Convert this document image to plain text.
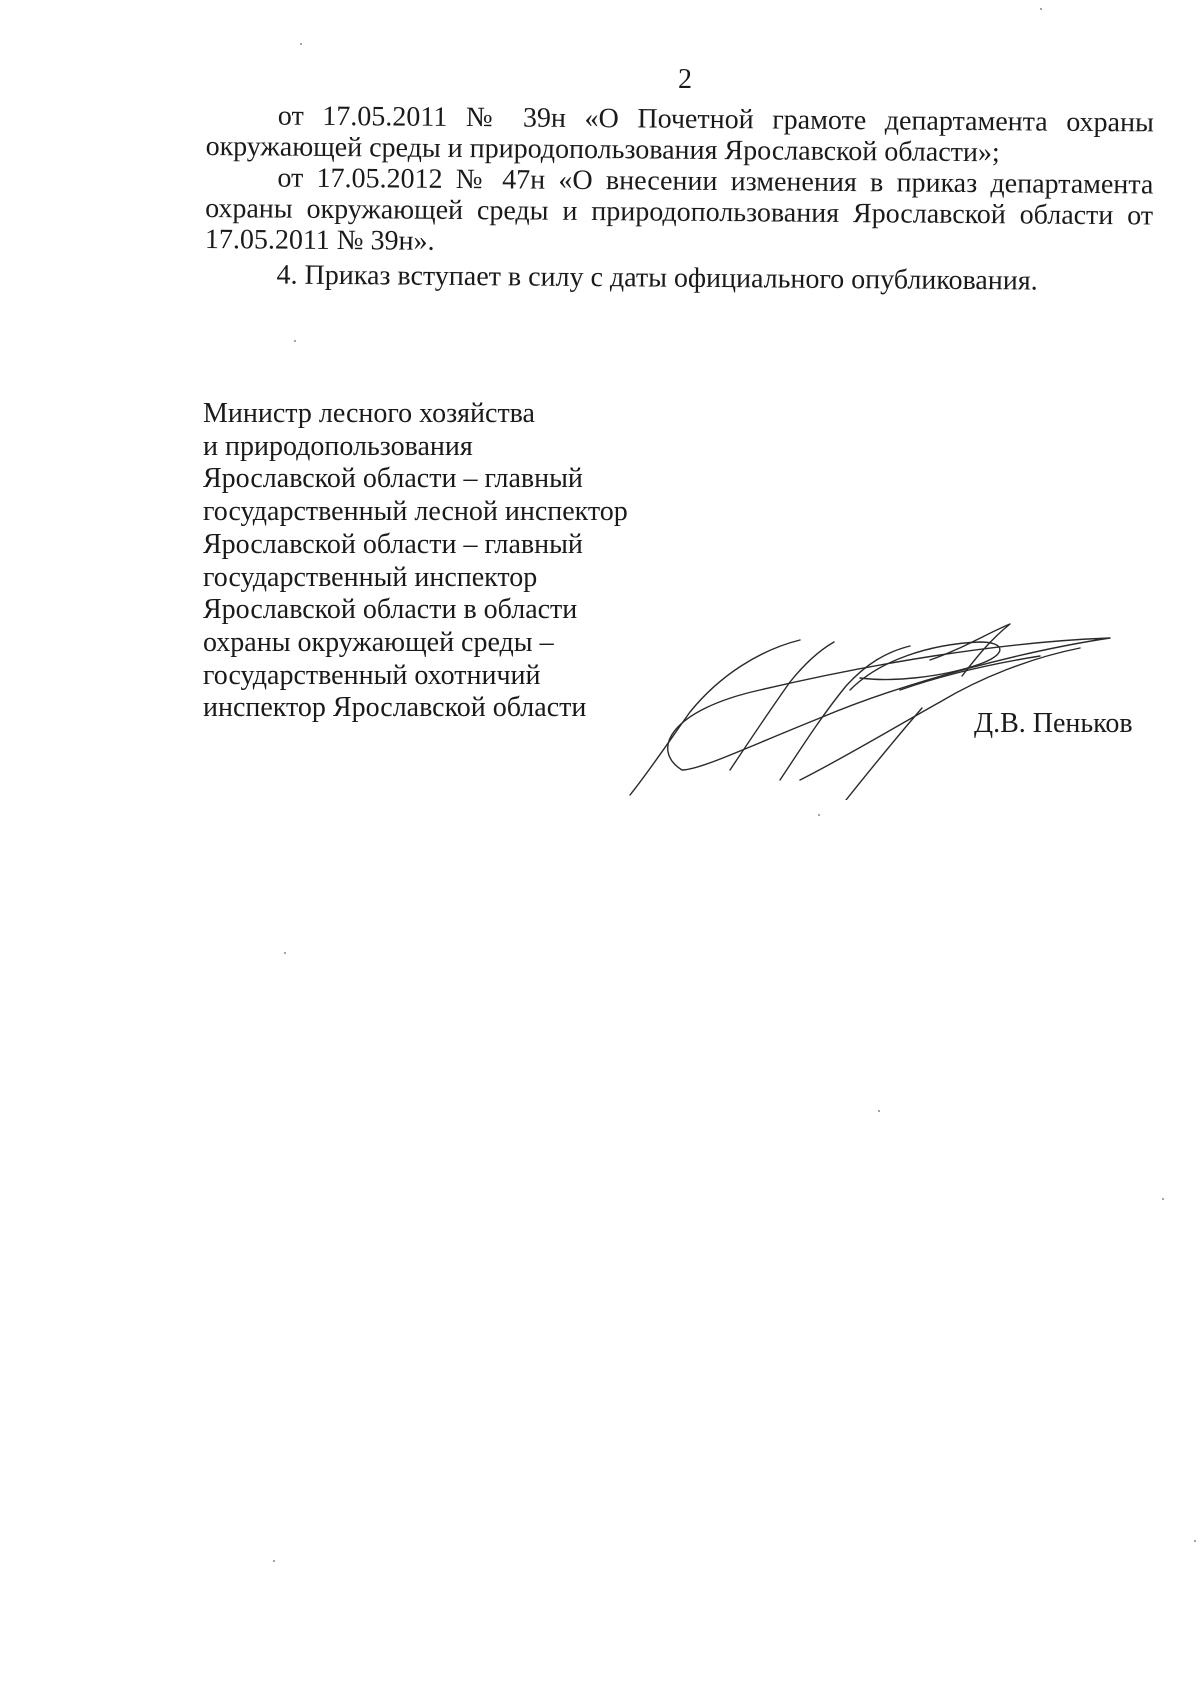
2

от 17.05.2011 № 39н «О Почетной грамоте департамента охраны окружающей среды и природопользования Ярославской области»;

от 17.05.2012 № 47н «О внесении изменения в приказ департамента охраны окружающей среды и природопользования Ярославской области от 17.05.2011 № 39н».

4. Приказ вступает в силу с даты официального опубликования.

Министр лесного хозяйства
и природопользования
Ярославской области – главный
государственный лесной инспектор
Ярославской области – главный
государственный инспектор
Ярославской области в области
охраны окружающей среды –
государственный охотничий
инспектор Ярославской области
Д.В. Пеньков
